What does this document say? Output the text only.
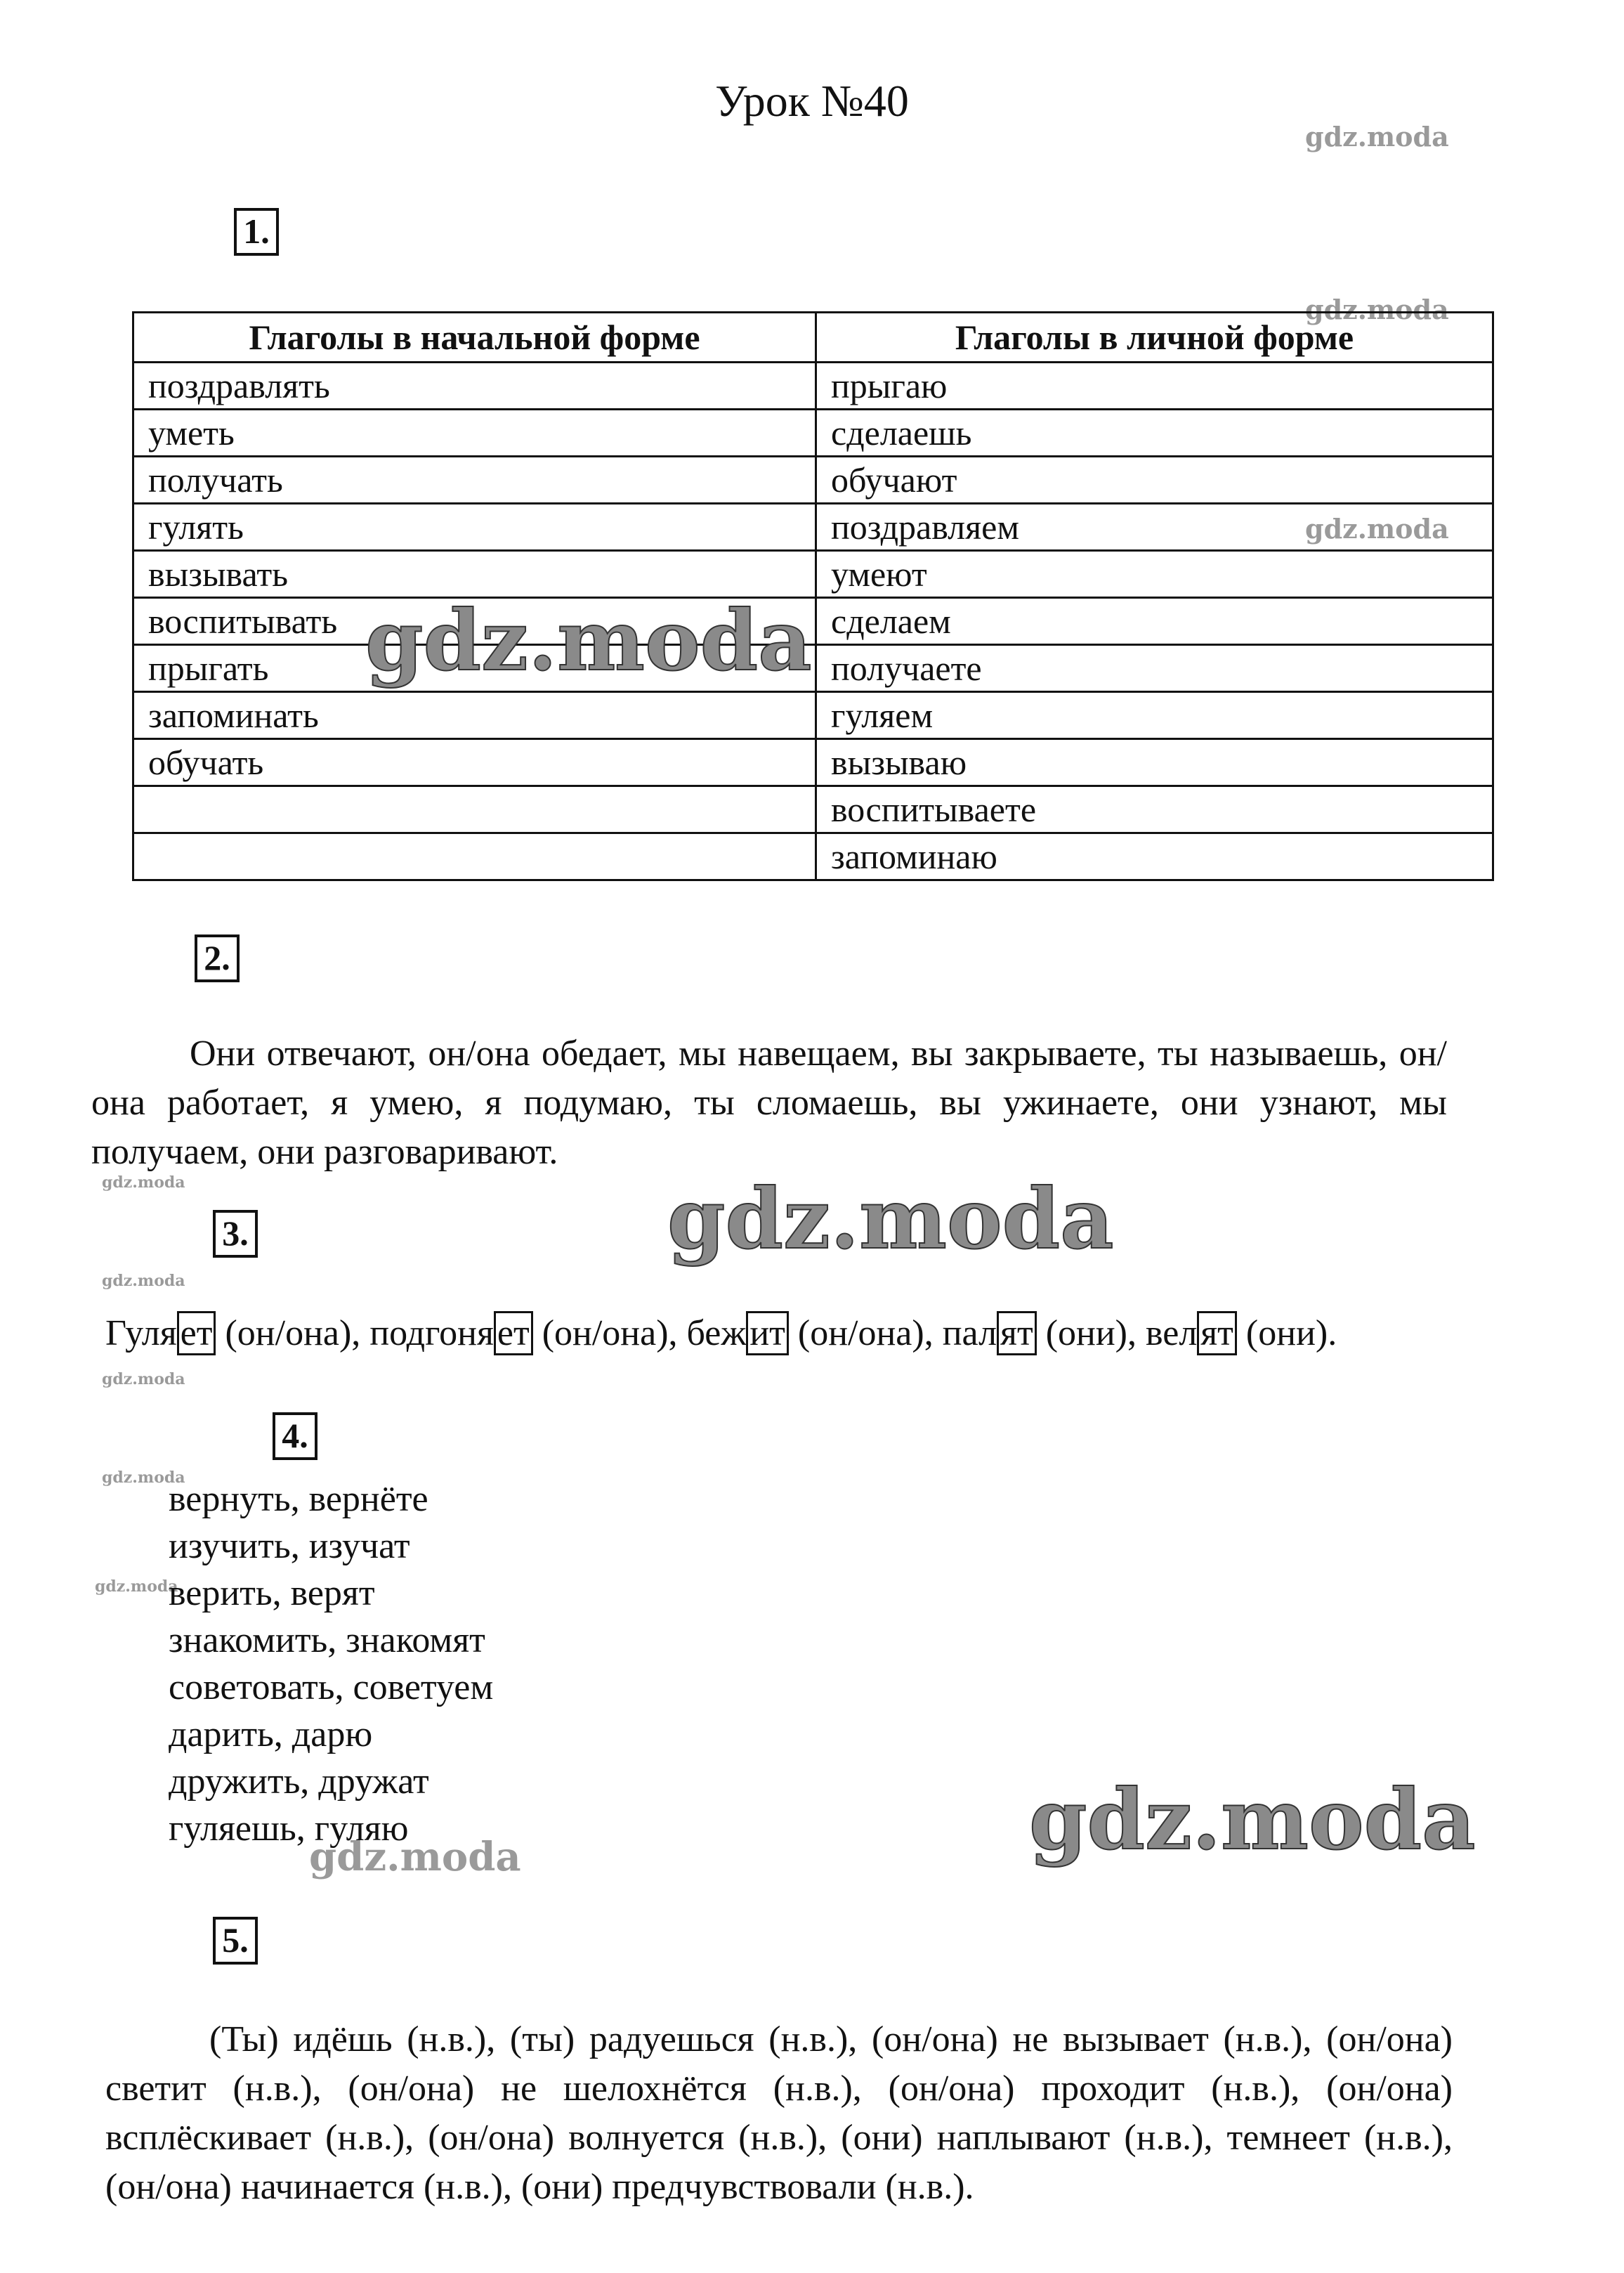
Урок №40
gdz.moda
gdz.moda
gdz.moda
gdz.moda
gdz.moda
gdz.moda
gdz.moda
gdz.moda
gdz.moda
1.
Глаголы в начальной форме	Глаголы в личной форме
поздравлять	прыгаю
уметь	сделаешь
получать	обучают
гулять	поздравляем
вызывать	умеют
воспитывать	сделаем
прыгать	получаете
запоминать	гуляем
обучать	вызываю
	воспитываете
	запоминаю
gdz.moda
2.
Они отвечают, он/она обедает, мы навещаем, вы закрываете, ты называешь, он/она работает, я умею, я подумаю, ты сломаешь, вы ужинаете, они узнают, мы получаем, они разговаривают.
gdz.moda
3.
Гуляет (он/она), подгоняет (он/она), бежит (он/она), палят (они), велят (они).
4.
вернуть, вернёте
изучить, изучат
верить, верят
знакомить, знакомят
советовать, советуем
дарить, дарю
дружить, дружат
гуляешь, гуляю	gdz.moda
5.
(Ты) идёшь (н.в.), (ты) радуешься (н.в.), (он/она) не вызывает (н.в.), (он/она) светит (н.в.), (он/она) не шелохнётся (н.в.), (он/она) проходит (н.в.), (он/она) всплёскивает (н.в.), (он/она) волнуется (н.в.), (они) наплывают (н.в.), темнеет (н.в.), (он/она) начинается (н.в.), (они) предчувствовали (н.в.).
